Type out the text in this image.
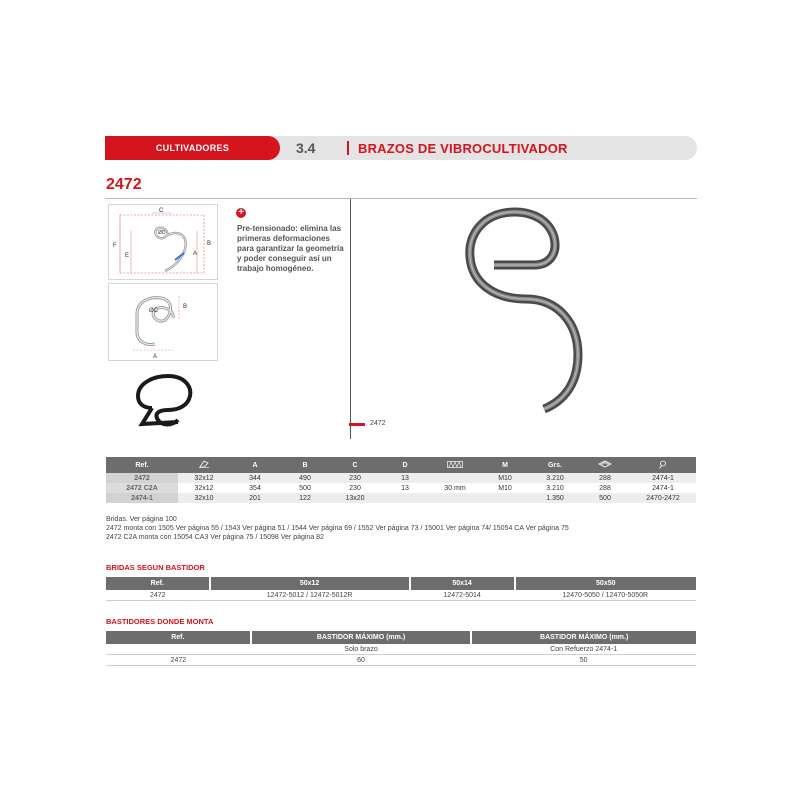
CULTIVADORES	3.4	BRAZOS DE VIBROCULTIVADOR
2472
C
ØD
B
A
E
F
ØC
B
A
+
Pre-tensionado: elimina las primeras deformaciones para garantizar la geometría y poder conseguir así un trabajo homogéneo.
2472
Ref.		A	B	C	D		M	Grs.		
2472	32x12	344	490	230	13		M10	3.210	288	2474-1
2472 C2A	32x12	354	500	230	13	30 mm	M10	3.210	288	2474-1
2474-1	32x10	201	122	13x20				1.350	500	2470-2472
Bridas. Ver página 100
2472 monta con 1505 Ver página 55 / 1543 Ver página 51 / 1544 Ver página 69 / 1552 Ver página 73 / 15001 Ver página 74/ 15054 CA Ver página 75
2472 C2A monta con 15054 CA3 Ver página 75 / 15098 Ver página 82
BRIDAS SEGUN BASTIDOR
Ref.	50x12	50x14	50x50
2472	12472-5012 / 12472-5012R	12472-5014	12470-5050 / 12470-5050R
BASTIDORES DONDE MONTA
Ref.	BASTIDOR MÁXIMO (mm.)	BASTIDOR MÁXIMO (mm.)
	Solo brazo	Con Refuerzo 2474-1
2472	60	50
